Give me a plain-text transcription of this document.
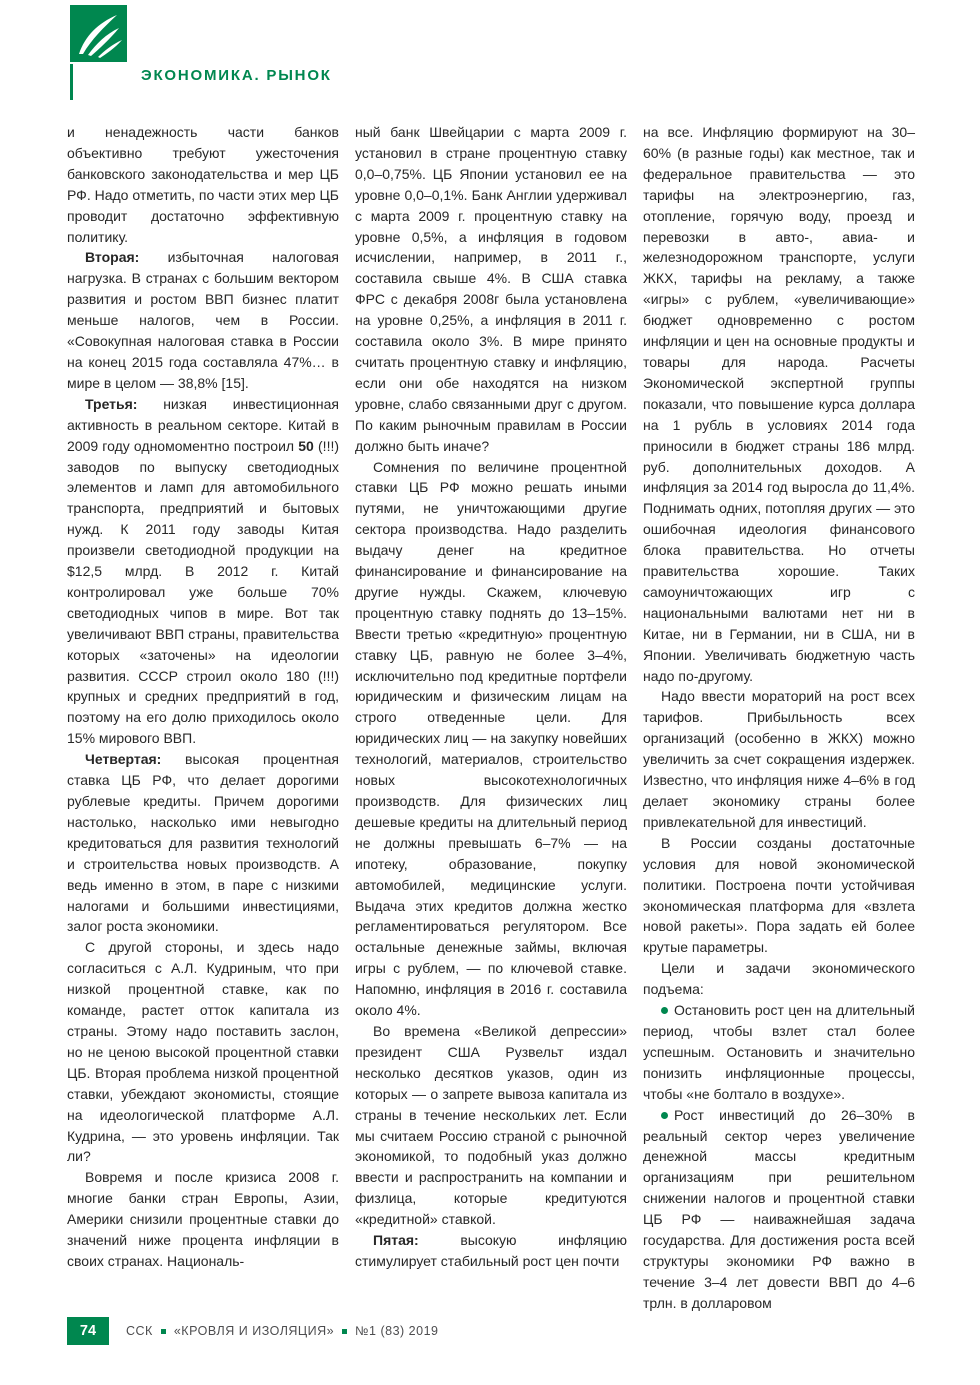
ЭКОНОМИКА. РЫНОК

и ненадежность части банков объективно требуют ужесточения банковского законодательства и мер ЦБ РФ. Надо отметить, по части этих мер ЦБ проводит достаточно эффективную политику.

Вторая: избыточная налоговая нагрузка. В странах с большим вектором развития и ростом ВВП бизнес платит меньше налогов, чем в России. «Совокупная налоговая ставка в России на конец 2015 года составляла 47%… в мире в целом — 38,8% [15].

Третья: низкая инвестиционная активность в реальном секторе. Китай в 2009 году одномоментно построил 50 (!!!) заводов по выпуску светодиодных элементов и ламп для автомобильного транспорта, предприятий и бытовых нужд. К 2011 году заводы Китая произвели светодиодной продукции на $12,5 млрд. В 2012 г. Китай контролировал уже больше 70% светодиодных чипов в мире. Вот так увеличивают ВВП страны, правительства которых «заточены» на идеологии развития. СССР строил около 180 (!!!) крупных и средних предприятий в год, поэтому на его долю приходилось около 15% мирового ВВП.

Четвертая: высокая процентная ставка ЦБ РФ, что делает дорогими рублевые кредиты. Причем дорогими настолько, насколько ими невыгодно кредитоваться для развития технологий и строительства новых производств. А ведь именно в этом, в паре с низкими налогами и большими инвестициями, залог роста экономики.

С другой стороны, и здесь надо согласиться с А.Л. Кудриным, что при низкой процентной ставке, как по команде, растет отток капитала из страны. Этому надо поставить заслон, но не ценою высокой процентной ставки ЦБ. Вторая проблема низкой процентной ставки, убеждают экономисты, стоящие на идеологической платформе А.Л. Кудрина, — это уровень инфляции. Так ли?

Вовремя и после кризиса 2008 г. многие банки стран Европы, Азии, Америки снизили процентные ставки до значений ниже процента инфляции в своих странах. Националь-

ный банк Швейцарии с марта 2009 г. установил в стране процентную ставку 0,0–0,75%. ЦБ Японии установил ее на уровне 0,0–0,1%. Банк Англии удерживал с марта 2009 г. процентную ставку на уровне 0,5%, а инфляция в годовом исчислении, например, в 2011 г., составила свыше 4%. В США ставка ФРС с декабря 2008г была установлена на уровне 0,25%, а инфляция в 2011 г. составила около 3%. В мире принято считать процентную ставку и инфляцию, если они обе находятся на низком уровне, слабо связанными друг с другом. По каким рыночным правилам в России должно быть иначе?

Сомнения по величине процентной ставки ЦБ РФ можно решать иными путями, не уничтожающими другие сектора производства. Надо разделить выдачу денег на кредитное финансирование и финансирование на другие нужды. Скажем, ключевую процентную ставку поднять до 13–15%. Ввести третью «кредитную» процентную ставку ЦБ, равную не более 3–4%, исключительно под кредитные портфели юридическим и физическим лицам на строго отведенные цели. Для юридических лиц — на закупку новейших технологий, материалов, строительство новых высокотехнологичных производств. Для физических лиц дешевые кредиты на длительный период не должны превышать 6–7% — на ипотеку, образование, покупку автомобилей, медицинские услуги. Выдача этих кредитов должна жестко регламентироваться регулятором. Все остальные денежные займы, включая игры с рублем, — по ключевой ставке. Напомню, инфляция в 2016 г. составила около 4%.

Во времена «Великой депрессии» президент США Рузвельт издал несколько десятков указов, один из которых — о запрете вывоза капитала из страны в течение нескольких лет. Если мы считаем Россию страной с рыночной экономикой, то подобный указ должно ввести и распространить на компании и физлица, которые кредитуются «кредитной» ставкой.

Пятая: высокую инфляцию стимулирует стабильный рост цен почти

на все. Инфляцию формируют на 30–60% (в разные годы) как местное, так и федеральное правительства — это тарифы на электроэнергию, газ, отопление, горячую воду, проезд и перевозки в авто-, авиа- и железнодорожном транспорте, услуги ЖКХ, тарифы на рекламу, а также «игры» с рублем, «увеличивающие» бюджет одновременно с ростом инфляции и цен на основные продукты и товары для народа. Расчеты Экономической экспертной группы показали, что повышение курса доллара на 1 рубль в условиях 2014 года приносили в бюджет страны 186 млрд. руб. дополнительных доходов. А инфляция за 2014 год выросла до 11,4%. Поднимать одних, потопляя других — это ошибочная идеология финансового блока правительства. Но отчеты правительства хорошие. Таких самоуничтожающих игр с национальными валютами нет ни в Китае, ни в Германии, ни в США, ни в Японии. Увеличивать бюджетную часть надо по-другому.

Надо ввести мораторий на рост всех тарифов. Прибыльность всех организаций (особенно в ЖКХ) можно увеличить за счет сокращения издержек. Известно, что инфляция ниже 4–6% в год делает экономику страны более привлекательной для инвестиций.

В России созданы достаточные условия для новой экономической политики. Построена почти устойчивая экономическая платформа для «взлета новой ракеты». Пора задать ей более крутые параметры.

Цели и задачи экономического подъема:

Остановить рост цен на длительный период, чтобы взлет стал более успешным. Остановить и значительно понизить инфляционные процессы, чтобы «не болтало в воздухе».

Рост инвестиций до 26–30% в реальный сектор через увеличение денежной массы кредитным организациям при решительном снижении налогов и процентной ставки ЦБ РФ — наиважнейшая задача государства. Для достижения роста всей структуры экономики РФ важно в течение 3–4 лет довести ВВП до 4–6 трлн. в долларовом

74	ССК «КРОВЛЯ И ИЗОЛЯЦИЯ» №1 (83) 2019
